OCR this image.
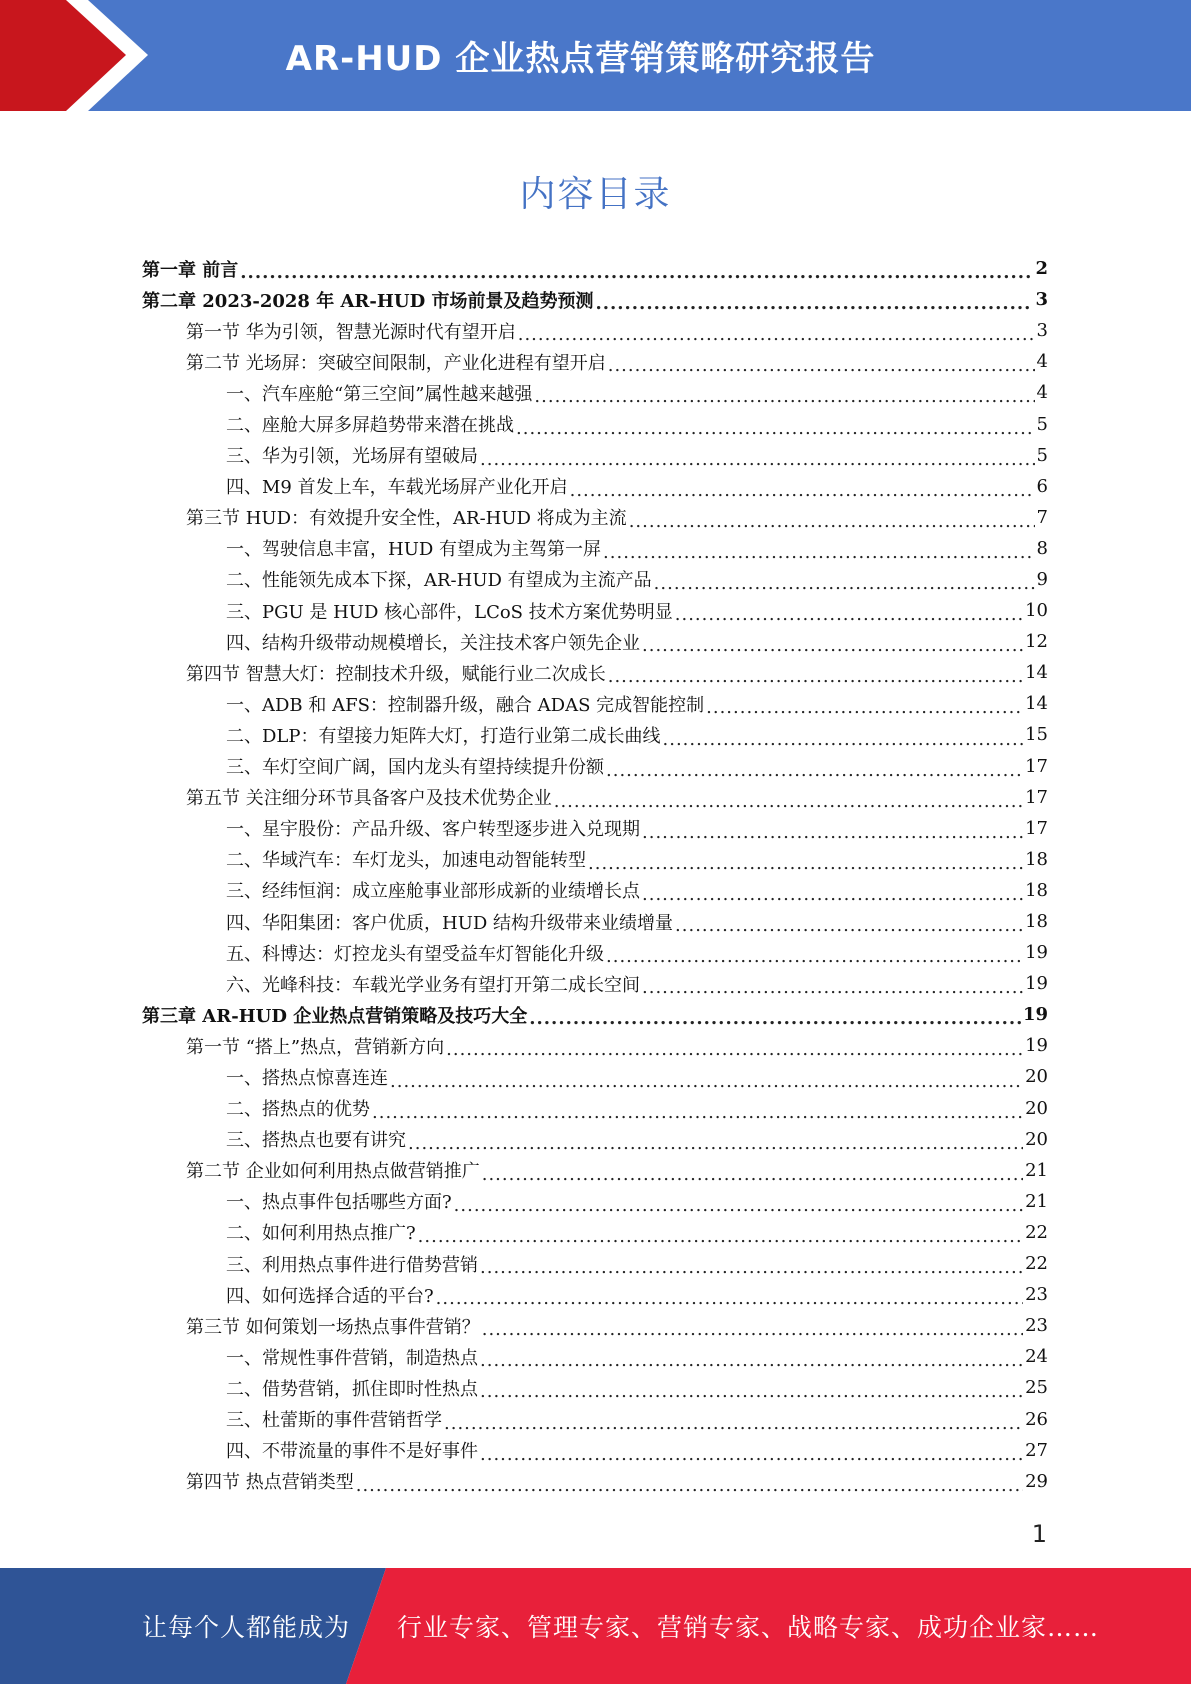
AR-HUD 企业热点营销策略研究报告
内容目录
第一章 前言 .....	2
第二章 2023-2028 年 AR-HUD 市场前景及趋势预测 .....	3
第一节 华为引领，智慧光源时代有望开启 .....	3
第二节 光场屏：突破空间限制，产业化进程有望开启 .....	4
一、汽车座舱“第三空间”属性越来越强 .....	4
二、座舱大屏多屏趋势带来潜在挑战 .....	5
三、华为引领，光场屏有望破局 .....	5
四、M9 首发上车，车载光场屏产业化开启 .....	6
第三节 HUD：有效提升安全性，AR-HUD 将成为主流 .....	7
一、驾驶信息丰富，HUD 有望成为主驾第一屏 .....	8
二、性能领先成本下探，AR-HUD 有望成为主流产品 .....	9
三、PGU 是 HUD 核心部件，LCoS 技术方案优势明显 .....	10
四、结构升级带动规模增长，关注技术客户领先企业 .....	12
第四节 智慧大灯：控制技术升级，赋能行业二次成长 .....	14
一、ADB 和 AFS：控制器升级，融合 ADAS 完成智能控制 .....	14
二、DLP：有望接力矩阵大灯，打造行业第二成长曲线 .....	15
三、车灯空间广阔，国内龙头有望持续提升份额 .....	17
第五节 关注细分环节具备客户及技术优势企业 .....	17
一、星宇股份：产品升级、客户转型逐步进入兑现期 .....	17
二、华域汽车：车灯龙头，加速电动智能转型 .....	18
三、经纬恒润：成立座舱事业部形成新的业绩增长点 .....	18
四、华阳集团：客户优质，HUD 结构升级带来业绩增量 .....	18
五、科博达：灯控龙头有望受益车灯智能化升级 .....	19
六、光峰科技：车载光学业务有望打开第二成长空间 .....	19
第三章 AR-HUD 企业热点营销策略及技巧大全 .....	19
第一节 “搭上”热点，营销新方向 .....	19
一、搭热点惊喜连连 .....	20
二、搭热点的优势 .....	20
三、搭热点也要有讲究 .....	20
第二节 企业如何利用热点做营销推广 .....	21
一、热点事件包括哪些方面? .....	21
二、如何利用热点推广? .....	22
三、利用热点事件进行借势营销 .....	22
四、如何选择合适的平台? .....	23
第三节 如何策划一场热点事件营销？ .....	23
一、常规性事件营销，制造热点 .....	24
二、借势营销，抓住即时性热点 .....	25
三、杜蕾斯的事件营销哲学 .....	26
四、不带流量的事件不是好事件 .....	27
第四节 热点营销类型 .....	29
1
让每个人都能成为 行业专家、管理专家、营销专家、战略专家、成功企业家……
